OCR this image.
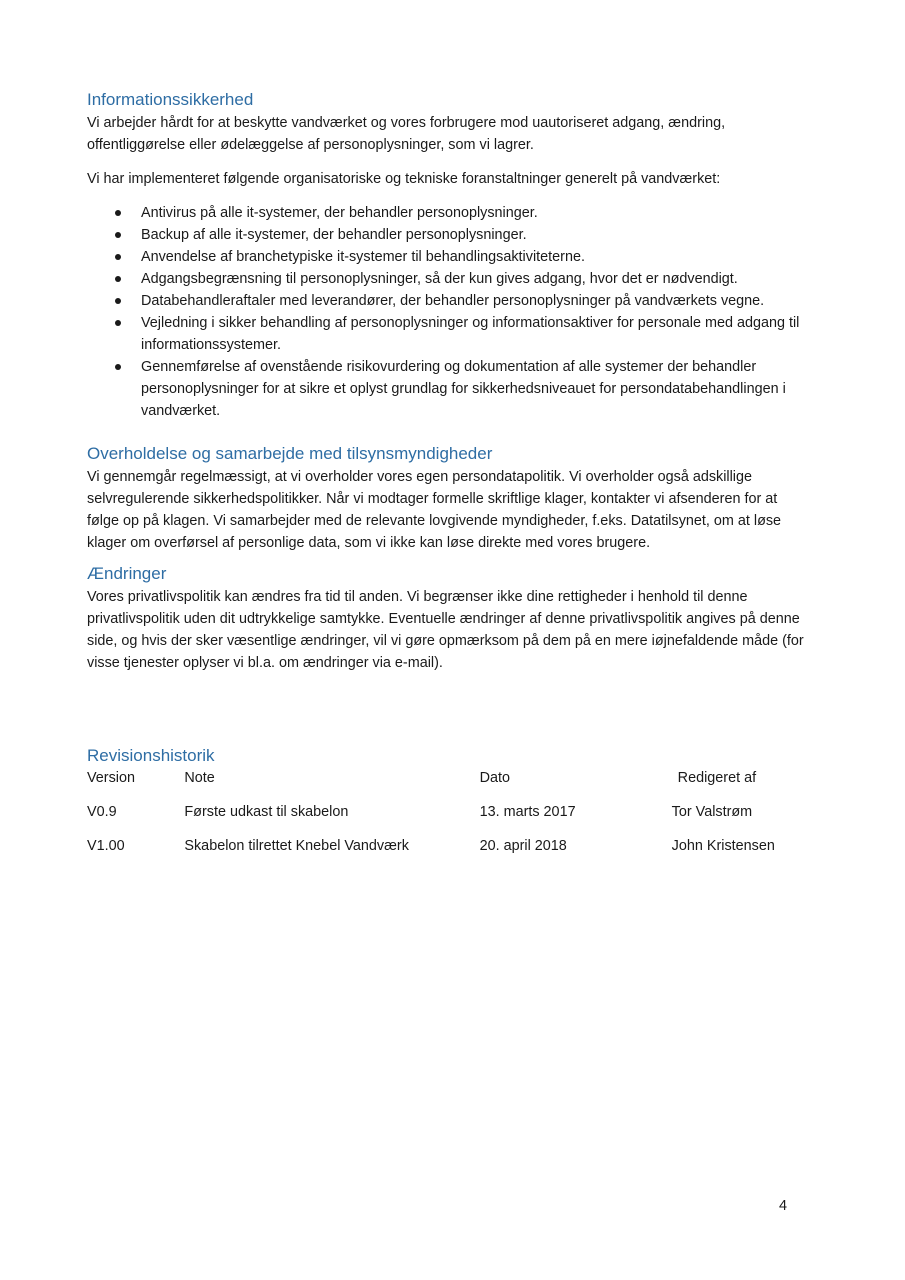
Informationssikkerhed

Vi arbejder hårdt for at beskytte vandværket og vores forbrugere mod uautoriseret adgang, ændring, offentliggørelse eller ødelæggelse af personoplysninger, som vi lagrer.

Vi har implementeret følgende organisatoriske og tekniske foranstaltninger generelt på vandværket:

Antivirus på alle it-systemer, der behandler personoplysninger.
Backup af alle it-systemer, der behandler personoplysninger.
Anvendelse af branchetypiske it-systemer til behandlingsaktiviteterne.
Adgangsbegrænsning til personoplysninger, så der kun gives adgang, hvor det er nødvendigt.
Databehandleraftaler med leverandører, der behandler personoplysninger på vandværkets vegne.
Vejledning i sikker behandling af personoplysninger og informationsaktiver for personale med adgang til informationssystemer.
Gennemførelse af ovenstående risikovurdering og dokumentation af alle systemer der behandler personoplysninger for at sikre et oplyst grundlag for sikkerhedsniveauet for persondatabehandlingen i vandværket.
Overholdelse og samarbejde med tilsynsmyndigheder

Vi gennemgår regelmæssigt, at vi overholder vores egen persondatapolitik. Vi overholder også adskillige selvregulerende sikkerhedspolitikker. Når vi modtager formelle skriftlige klager, kontakter vi afsenderen for at følge op på klagen. Vi samarbejder med de relevante lovgivende myndigheder, f.eks. Datatilsynet, om at løse klager om overførsel af personlige data, som vi ikke kan løse direkte med vores brugere.

Ændringer

Vores privatlivspolitik kan ændres fra tid til anden. Vi begrænser ikke dine rettigheder i henhold til denne privatlivspolitik uden dit udtrykkelige samtykke. Eventuelle ændringer af denne privatlivspolitik angives på denne side, og hvis der sker væsentlige ændringer, vil vi gøre opmærksom på dem på en mere iøjnefaldende måde (for visse tjenester oplyser vi bl.a. om ændringer via e-mail).

Revisionshistorik
Version	Note	Dato	Redigeret af
V0.9	Første udkast til skabelon	13. marts 2017	Tor Valstrøm
V1.00	Skabelon tilrettet Knebel Vandværk	20. april 2018	John Kristensen
4
